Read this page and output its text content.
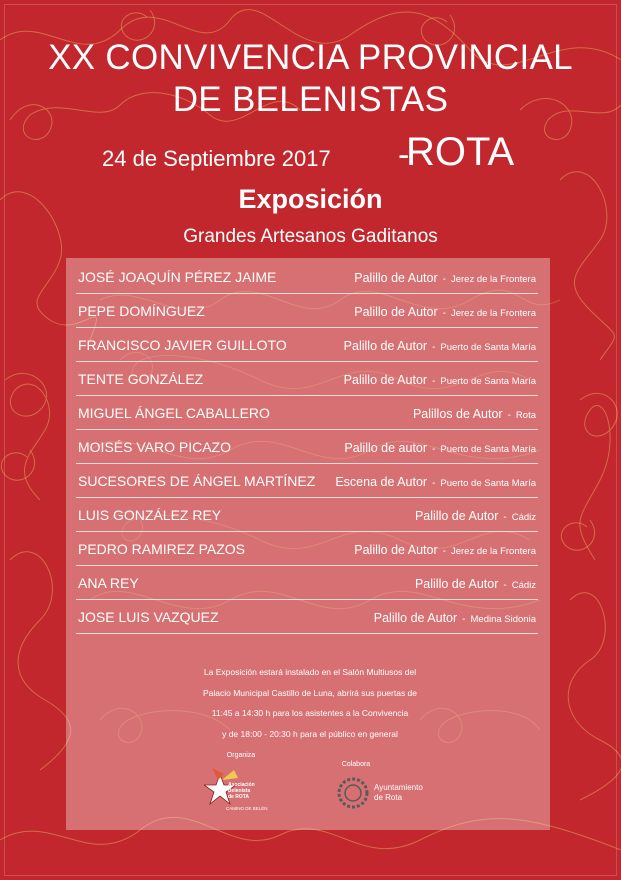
XX CONVIVENCIA PROVINCIAL
DE BELENISTAS
24 de Septiembre 2017 -
ROTA
Exposición
Grandes Artesanos Gaditanos
JOSÉ JOAQUÍN PÉREZ JAIME	Palillo de Autor - Jerez de la Frontera
PEPE DOMÍNGUEZ	Palillo de Autor - Jerez de la Frontera
FRANCISCO JAVIER GUILLOTO	Palillo de Autor - Puerto de Santa María
TENTE GONZÁLEZ	Palillo de Autor - Puerto de Santa María
MIGUEL ÁNGEL CABALLERO	Palillos de Autor - Rota
MOISÉS VARO PICAZO	Palillo de autor - Puerto de Santa María
SUCESORES DE ÁNGEL MARTÍNEZ Escena de Autor - Puerto de Santa María
LUIS GONZÁLEZ REY	Palillo de Autor - Cádiz
PEDRO RAMIREZ PAZOS	Palillo de Autor - Jerez de la Frontera
ANA REY	Palillo de Autor - Cádiz
JOSE LUIS VAZQUEZ	Palillo de Autor - Medina Sidonia
La Exposición estará instalado en el Salón Multiusos del
Palacio Municipal Castillo de Luna, abrirá sus puertas de
11:45 a 14:30 h para los asistentes a la Convivencia
y de 18:00 - 20:30 h para el público en general
Organiza
Asociación
Belenista
de ROTA
CAMINO DE BELÉN
Colabora
Ayuntamiento
de Rota
